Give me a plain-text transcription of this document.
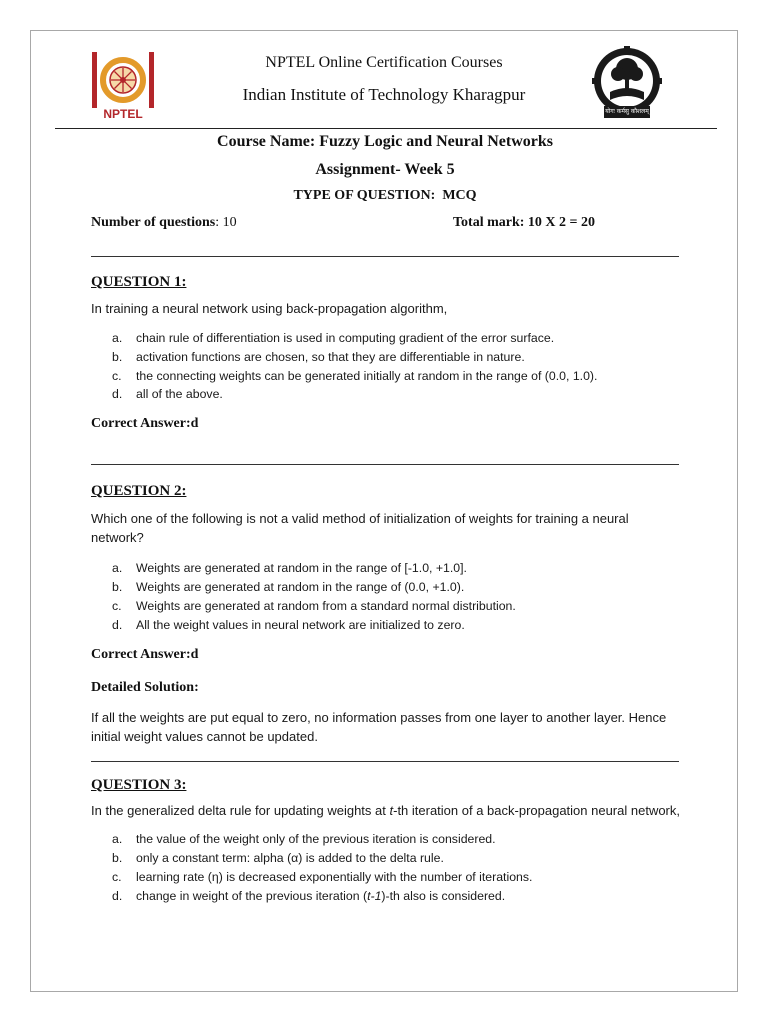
NPTEL
NPTEL Online Certification Courses
Indian Institute of Technology Kharagpur
योगः कर्मसु कौशलम्
Course Name: Fuzzy Logic and Neural Networks
Assignment- Week 5
TYPE OF QUESTION: MCQ
Number of questions: 10	Total mark: 10 X 2 = 20
QUESTION 1:
In training a neural network using back-propagation algorithm,
a. chain rule of differentiation is used in computing gradient of the error surface.
b. activation functions are chosen, so that they are differentiable in nature.
c. the connecting weights can be generated initially at random in the range of (0.0, 1.0).
d. all of the above.
Correct Answer:d
QUESTION 2:
Which one of the following is not a valid method of initialization of weights for training a neural
network?
a. Weights are generated at random in the range of [-1.0, +1.0].
b. Weights are generated at random in the range of (0.0, +1.0).
c. Weights are generated at random from a standard normal distribution.
d. All the weight values in neural network are initialized to zero.
Correct Answer:d
Detailed Solution:
If all the weights are put equal to zero, no information passes from one layer to another layer. Hence
initial weight values cannot be updated.
QUESTION 3:
In the generalized delta rule for updating weights at t-th iteration of a back-propagation neural network,
a. the value of the weight only of the previous iteration is considered.
b. only a constant term: alpha (α) is added to the delta rule.
c. learning rate (η) is decreased exponentially with the number of iterations.
d. change in weight of the previous iteration (t-1)-th also is considered.
